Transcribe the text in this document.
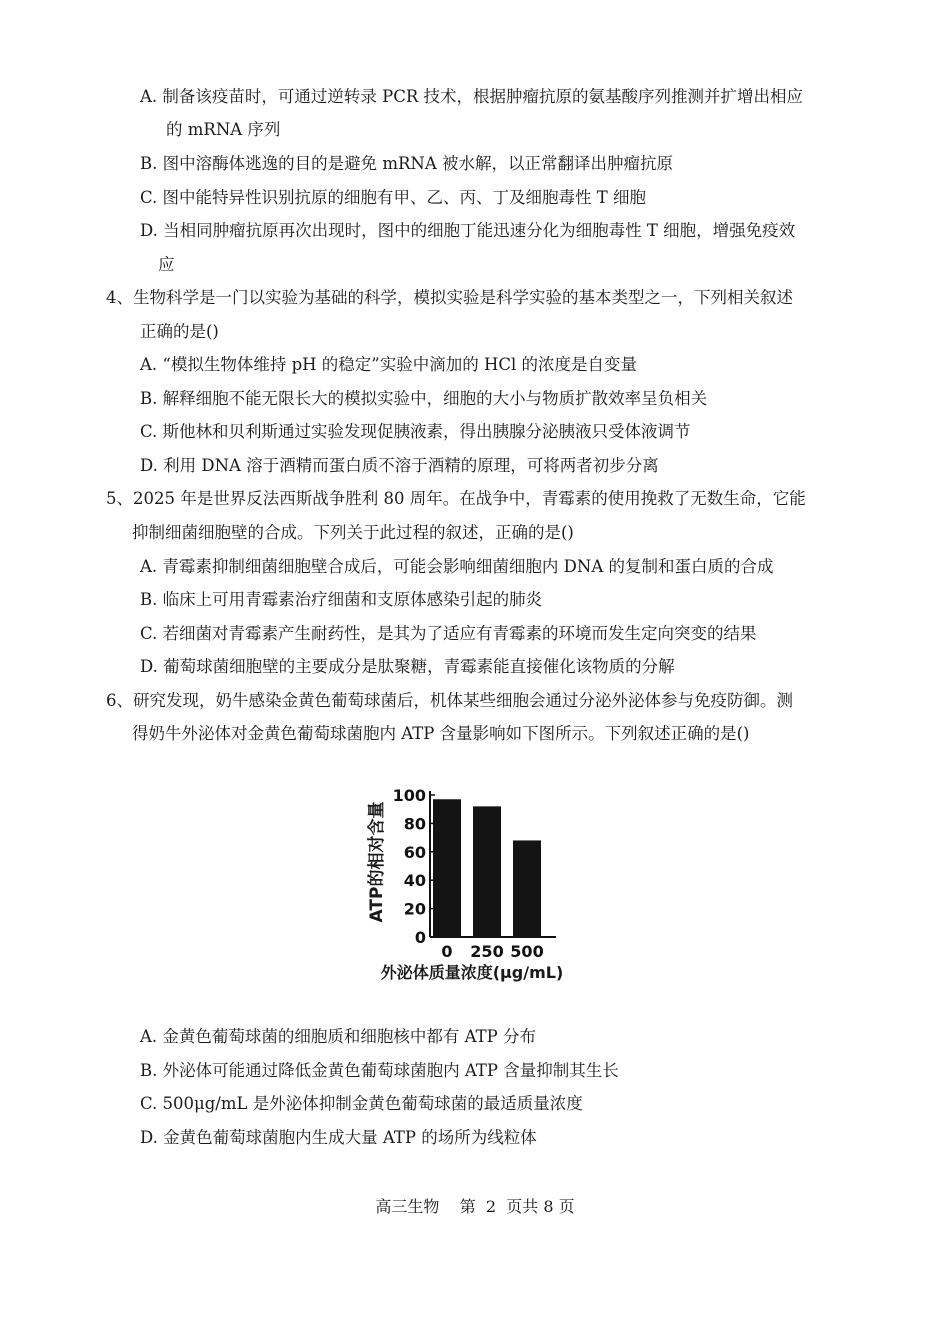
A. 制备该疫苗时，可通过逆转录 PCR 技术，根据肿瘤抗原的氨基酸序列推测并扩增出相应
的 mRNA 序列
B. 图中溶酶体逃逸的目的是避免 mRNA 被水解，以正常翻译出肿瘤抗原
C. 图中能特异性识别抗原的细胞有甲、乙、丙、丁及细胞毒性 T 细胞
D. 当相同肿瘤抗原再次出现时，图中的细胞丁能迅速分化为细胞毒性 T 细胞，增强免疫效
应
4、生物科学是一门以实验为基础的科学，模拟实验是科学实验的基本类型之一，下列相关叙述
正确的是()
A. “模拟生物体维持 pH 的稳定”实验中滴加的 HCl 的浓度是自变量
B. 解释细胞不能无限长大的模拟实验中，细胞的大小与物质扩散效率呈负相关
C. 斯他林和贝利斯通过实验发现促胰液素，得出胰腺分泌胰液只受体液调节
D. 利用 DNA 溶于酒精而蛋白质不溶于酒精的原理，可将两者初步分离
5、2025 年是世界反法西斯战争胜利 80 周年。在战争中，青霉素的使用挽救了无数生命，它能
抑制细菌细胞壁的合成。下列关于此过程的叙述，正确的是()
A. 青霉素抑制细菌细胞壁合成后，可能会影响细菌细胞内 DNA 的复制和蛋白质的合成
B. 临床上可用青霉素治疗细菌和支原体感染引起的肺炎
C. 若细菌对青霉素产生耐药性，是其为了适应有青霉素的环境而发生定向突变的结果
D. 葡萄球菌细胞壁的主要成分是肽聚糖，青霉素能直接催化该物质的分解
6、研究发现，奶牛感染金黄色葡萄球菌后，机体某些细胞会通过分泌外泌体参与免疫防御。测
得奶牛外泌体对金黄色葡萄球菌胞内 ATP 含量影响如下图所示。下列叙述正确的是()
ATP的相对含量
0
20
40
60
80
100
0 250 500
外泌体质量浓度(μg/mL)
A. 金黄色葡萄球菌的细胞质和细胞核中都有 ATP 分布
B. 外泌体可能通过降低金黄色葡萄球菌胞内 ATP 含量抑制其生长
C. 500μg/mL 是外泌体抑制金黄色葡萄球菌的最适质量浓度
D. 金黄色葡萄球菌胞内生成大量 ATP 的场所为线粒体
高三生物    第  2  页共 8 页
